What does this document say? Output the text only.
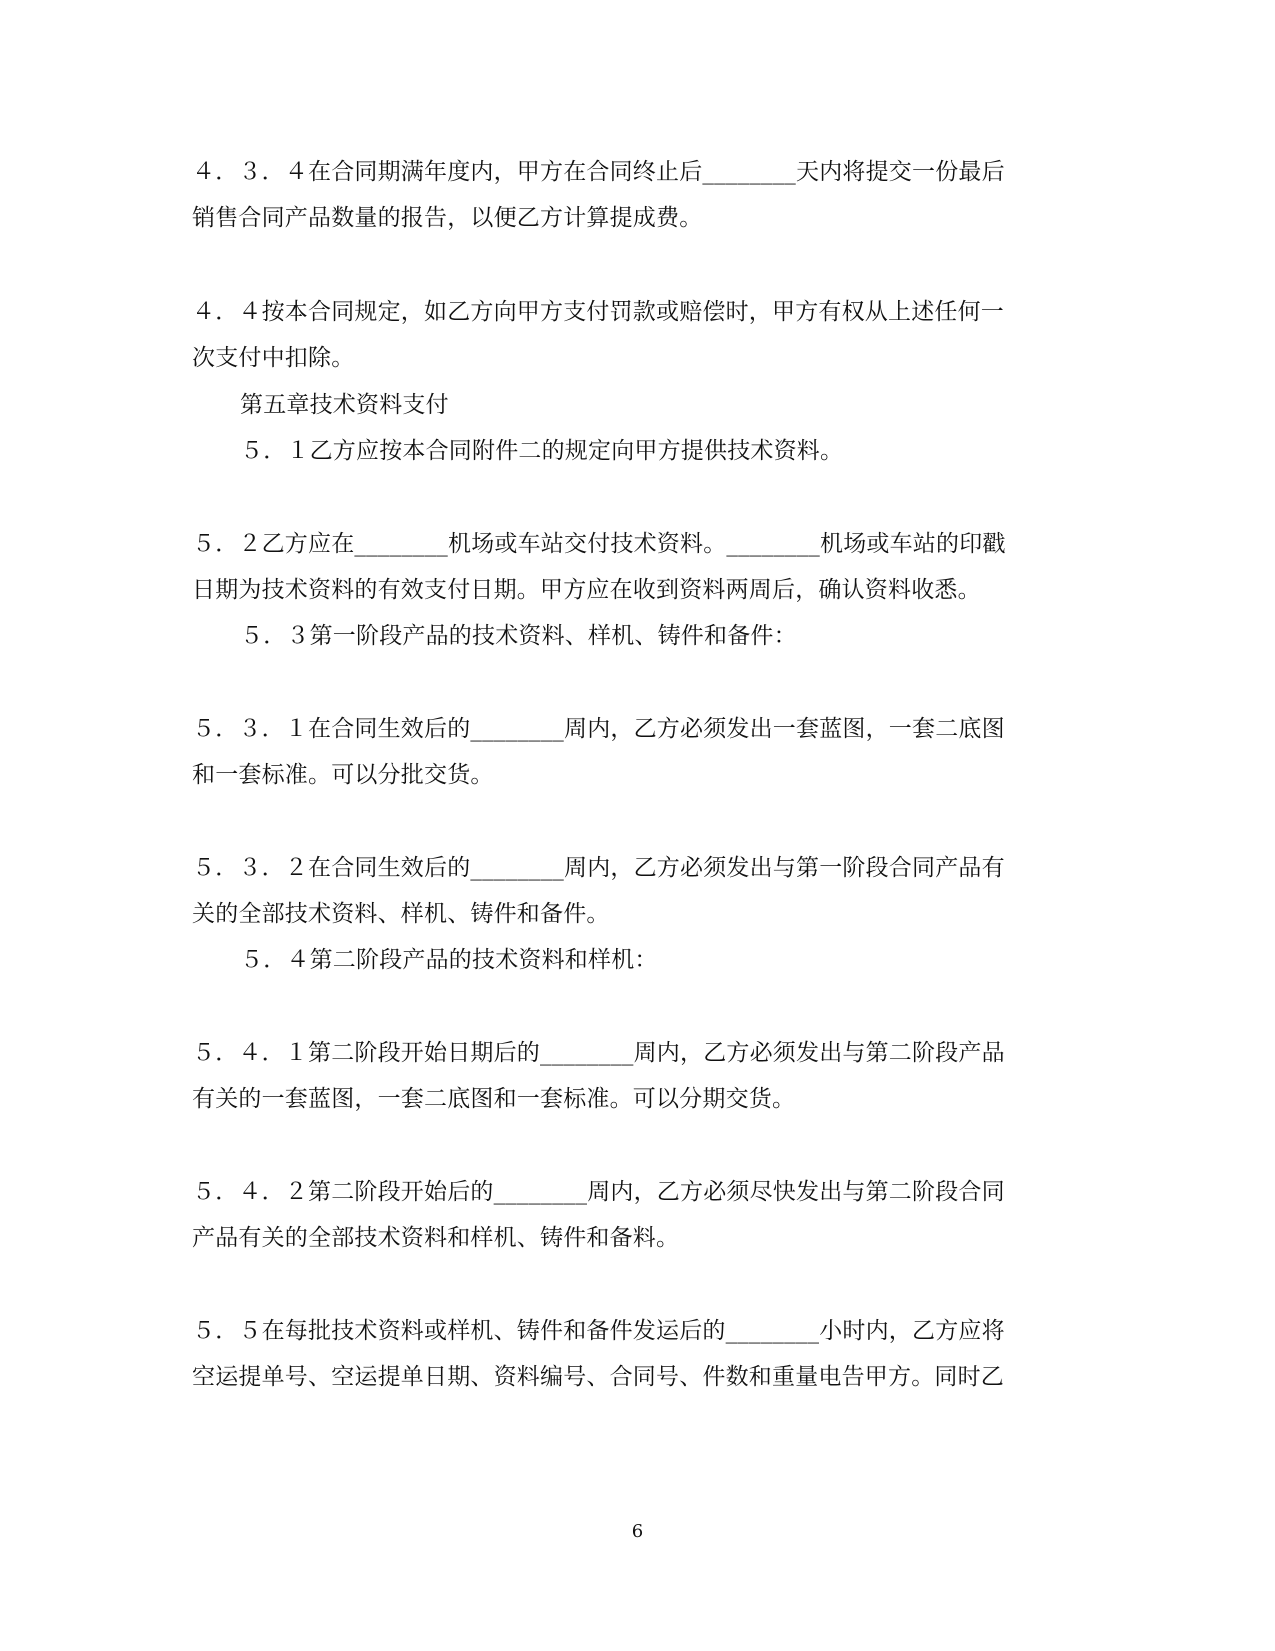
４．３．４在合同期满年度内，甲方在合同终止后________天内将提交一份最后
销售合同产品数量的报告，以便乙方计算提成费。
４．４按本合同规定，如乙方向甲方支付罚款或赔偿时，甲方有权从上述任何一
次支付中扣除。
第五章技术资料支付
５．１乙方应按本合同附件二的规定向甲方提供技术资料。
５．２乙方应在________机场或车站交付技术资料。________机场或车站的印戳
日期为技术资料的有效支付日期。甲方应在收到资料两周后，确认资料收悉。
５．３第一阶段产品的技术资料、样机、铸件和备件：
５．３．１在合同生效后的________周内，乙方必须发出一套蓝图，一套二底图
和一套标准。可以分批交货。
５．３．２在合同生效后的________周内，乙方必须发出与第一阶段合同产品有
关的全部技术资料、样机、铸件和备件。
５．４第二阶段产品的技术资料和样机：
５．４．１第二阶段开始日期后的________周内，乙方必须发出与第二阶段产品
有关的一套蓝图，一套二底图和一套标准。可以分期交货。
５．４．２第二阶段开始后的________周内，乙方必须尽快发出与第二阶段合同
产品有关的全部技术资料和样机、铸件和备料。
５．５在每批技术资料或样机、铸件和备件发运后的________小时内，乙方应将
空运提单号、空运提单日期、资料编号、合同号、件数和重量电告甲方。同时乙
6
